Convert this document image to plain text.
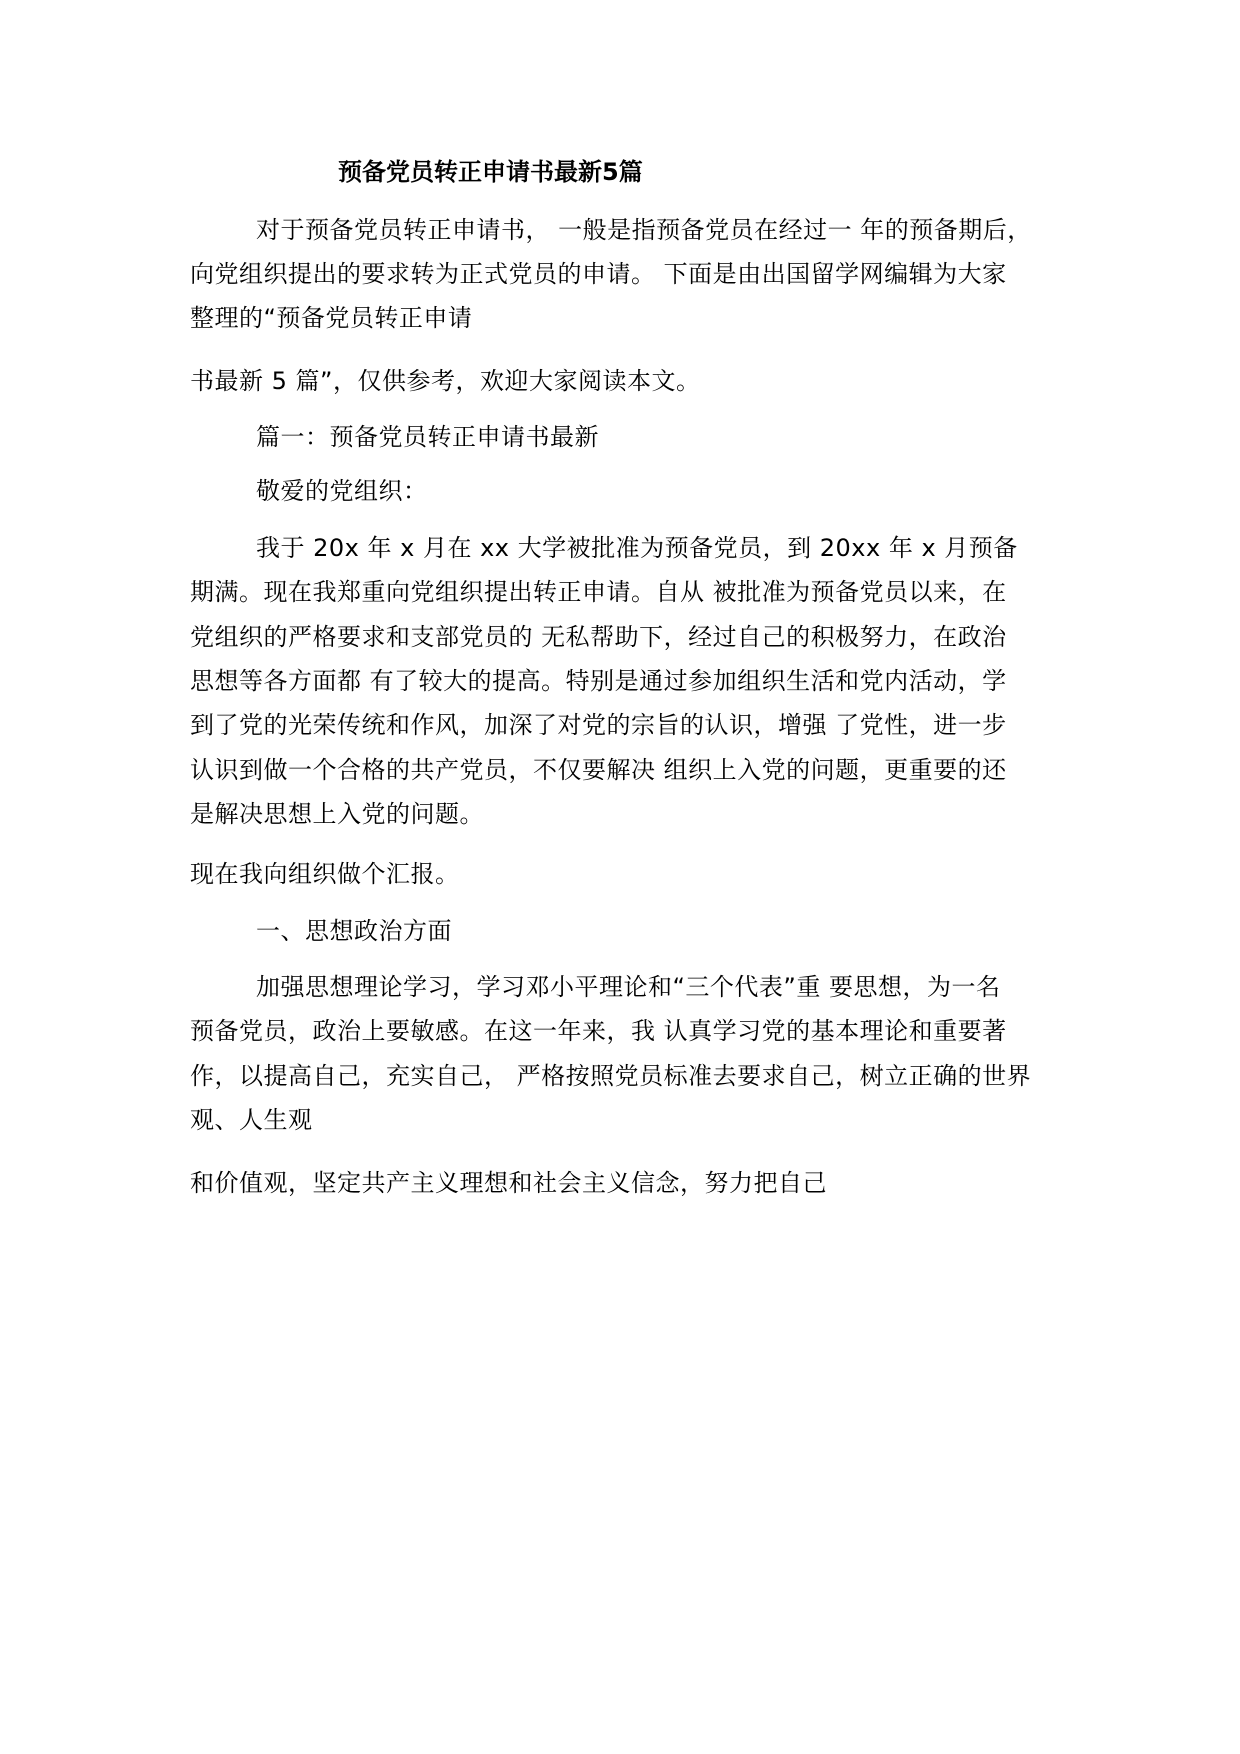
预备党员转正申请书最新5篇
对于预备党员转正申请书， 一般是指预备党员在经过一 年的预备期后，
向党组织提出的要求转为正式党员的申请。 下面是由出国留学网编辑为大家
整理的“预备党员转正申请
书最新 5 篇”，仅供参考，欢迎大家阅读本文。
篇一：预备党员转正申请书最新
敬爱的党组织：
我于 20x 年 x 月在 xx 大学被批准为预备党员，到 20xx 年 x 月预备
期满。现在我郑重向党组织提出转正申请。自从 被批准为预备党员以来，在
党组织的严格要求和支部党员的 无私帮助下，经过自己的积极努力，在政治
思想等各方面都 有了较大的提高。特别是通过参加组织生活和党内活动，学
到了党的光荣传统和作风，加深了对党的宗旨的认识，增强 了党性，进一步
认识到做一个合格的共产党员，不仅要解决 组织上入党的问题，更重要的还
是解决思想上入党的问题。
现在我向组织做个汇报。
一、思想政治方面
加强思想理论学习，学习邓小平理论和“三个代表”重 要思想，为一名
预备党员，政治上要敏感。在这一年来，我 认真学习党的基本理论和重要著
作，以提高自己，充实自己， 严格按照党员标准去要求自己，树立正确的世界
观、人生观
和价值观，坚定共产主义理想和社会主义信念，努力把自己
